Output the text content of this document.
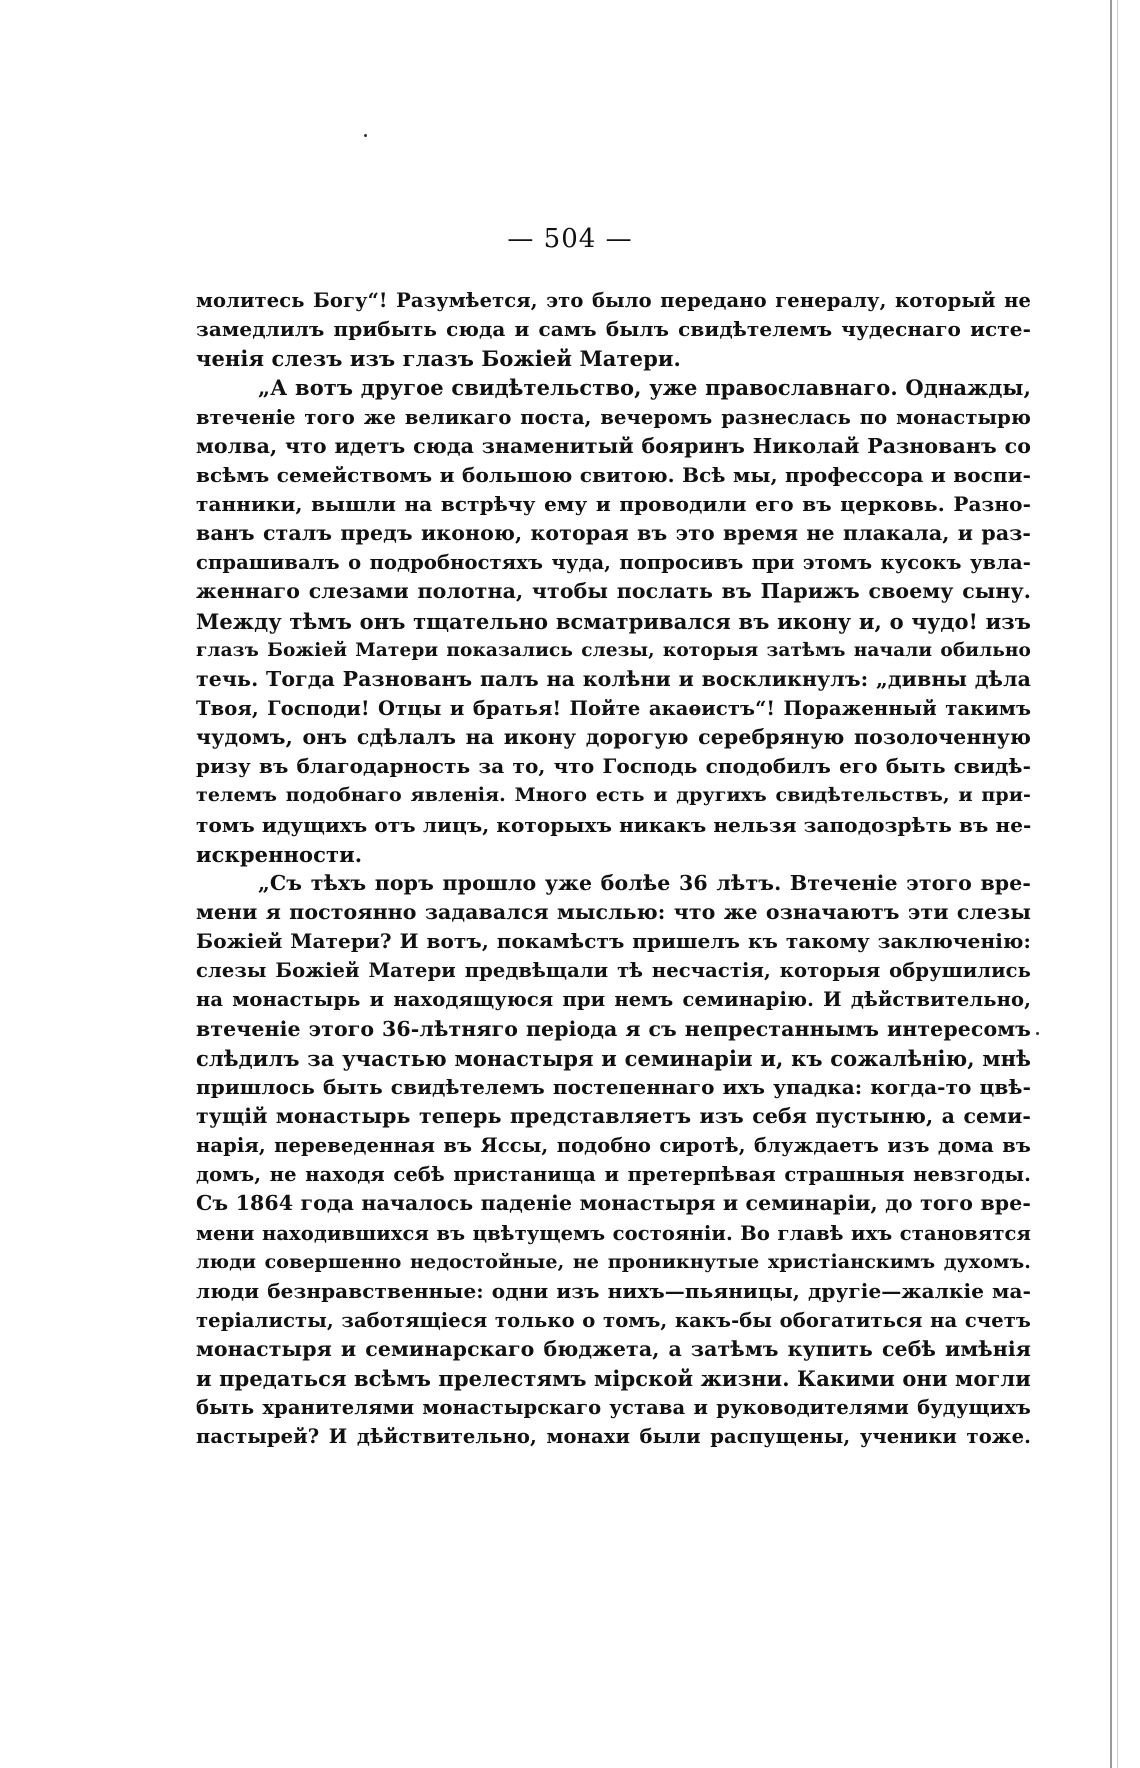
— 504 —
молитесь Богу“! Разумѣется, это было передано генералу, который не
замедлилъ прибыть сюда и самъ былъ свидѣтелемъ чудеснаго исте-
ченія слезъ изъ глазъ Божіей Матери.
„А вотъ другое свидѣтельство, уже православнаго. Однажды,
втеченіе того же великаго поста, вечеромъ разнеслась по монастырю
молва, что идетъ сюда знаменитый бояринъ Николай Разнованъ со
всѣмъ семействомъ и большою свитою. Всѣ мы, профессора и воспи-
танники, вышли на встрѣчу ему и проводили его въ церковь. Разно-
ванъ сталъ предъ иконою, которая въ это время не плакала, и раз-
спрашивалъ о подробностяхъ чуда, попросивъ при этомъ кусокъ увла-
женнаго слезами полотна, чтобы послать въ Парижъ своему сыну.
Между тѣмъ онъ тщательно всматривался въ икону и, о чудо! изъ
глазъ Божіей Матери показались слезы, которыя затѣмъ начали обильно
течь. Тогда Разнованъ палъ на колѣни и воскликнулъ: „дивны дѣла
Твоя, Господи! Отцы и братья! Пойте акаѳистъ“! Пораженный такимъ
чудомъ, онъ сдѣлалъ на икону дорогую серебряную позолоченную
ризу въ благодарность за то, что Господь сподобилъ его быть свидѣ-
телемъ подобнаго явленія. Много есть и другихъ свидѣтельствъ, и при-
томъ идущихъ отъ лицъ, которыхъ никакъ нельзя заподозрѣть въ не-
искренности.
„Съ тѣхъ поръ прошло уже болѣе 36 лѣтъ. Втеченіе этого вре-
мени я постоянно задавался мыслью: что же означаютъ эти слезы
Божіей Матери? И вотъ, покамѣстъ пришелъ къ такому заключенію:
слезы Божіей Матери предвѣщали тѣ несчастія, которыя обрушились
на монастырь и находящуюся при немъ семинарію. И дѣйствительно,
втеченіе этого 36-лѣтняго періода я съ непрестаннымъ интересомъ
слѣдилъ за участью монастыря и семинаріи и, къ сожалѣнію, мнѣ
пришлось быть свидѣтелемъ постепеннаго ихъ упадка: когда-то цвѣ-
тущій монастырь теперь представляетъ изъ себя пустыню, а семи-
нарія, переведенная въ Яссы, подобно сиротѣ, блуждаетъ изъ дома въ
домъ, не находя себѣ пристанища и претерпѣвая страшныя невзгоды.
Съ 1864 года началось паденіе монастыря и семинаріи, до того вре-
мени находившихся въ цвѣтущемъ состояніи. Во главѣ ихъ становятся
люди совершенно недостойные, не проникнутые христіанскимъ духомъ.
люди безнравственные: одни изъ нихъ—пьяницы, другіе—жалкіе ма-
теріалисты, заботящіеся только о томъ, какъ-бы обогатиться на счетъ
монастыря и семинарскаго бюджета, а затѣмъ купить себѣ имѣнія
и предаться всѣмъ прелестямъ мірской жизни. Какими они могли
быть хранителями монастырскаго устава и руководителями будущихъ
пастырей? И дѣйствительно, монахи были распущены, ученики тоже.
